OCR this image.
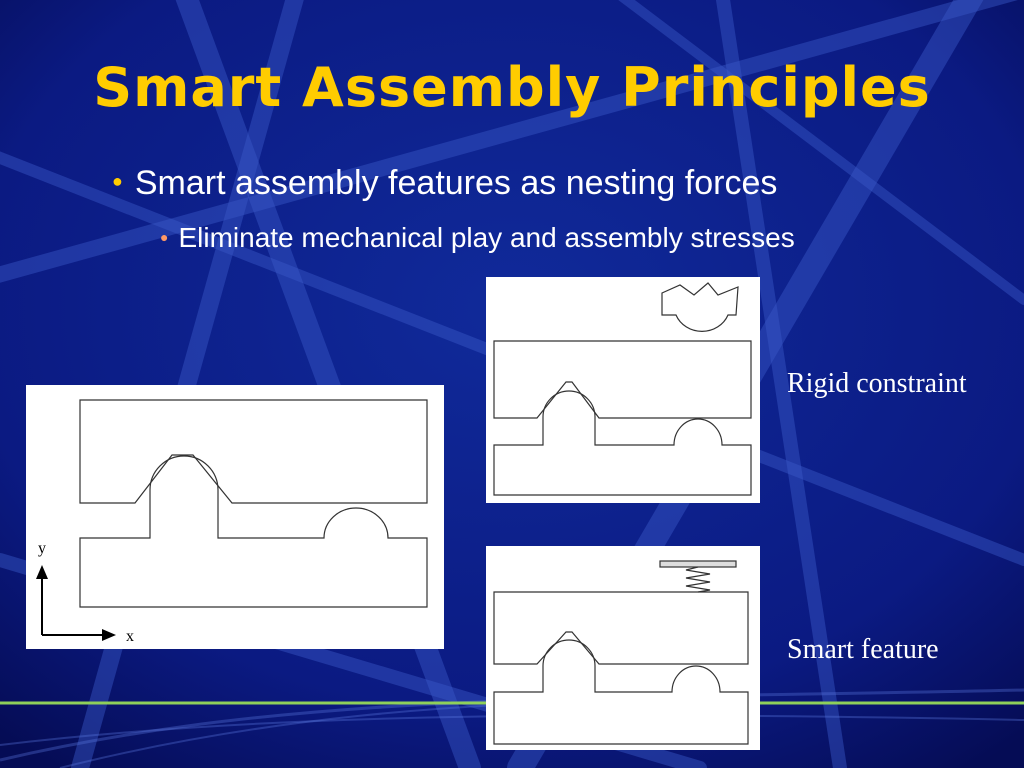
Smart Assembly Principles
● Smart assembly features as nesting forces
● Eliminate mechanical play and assembly stresses
y
x
Rigid constraint
Smart feature
